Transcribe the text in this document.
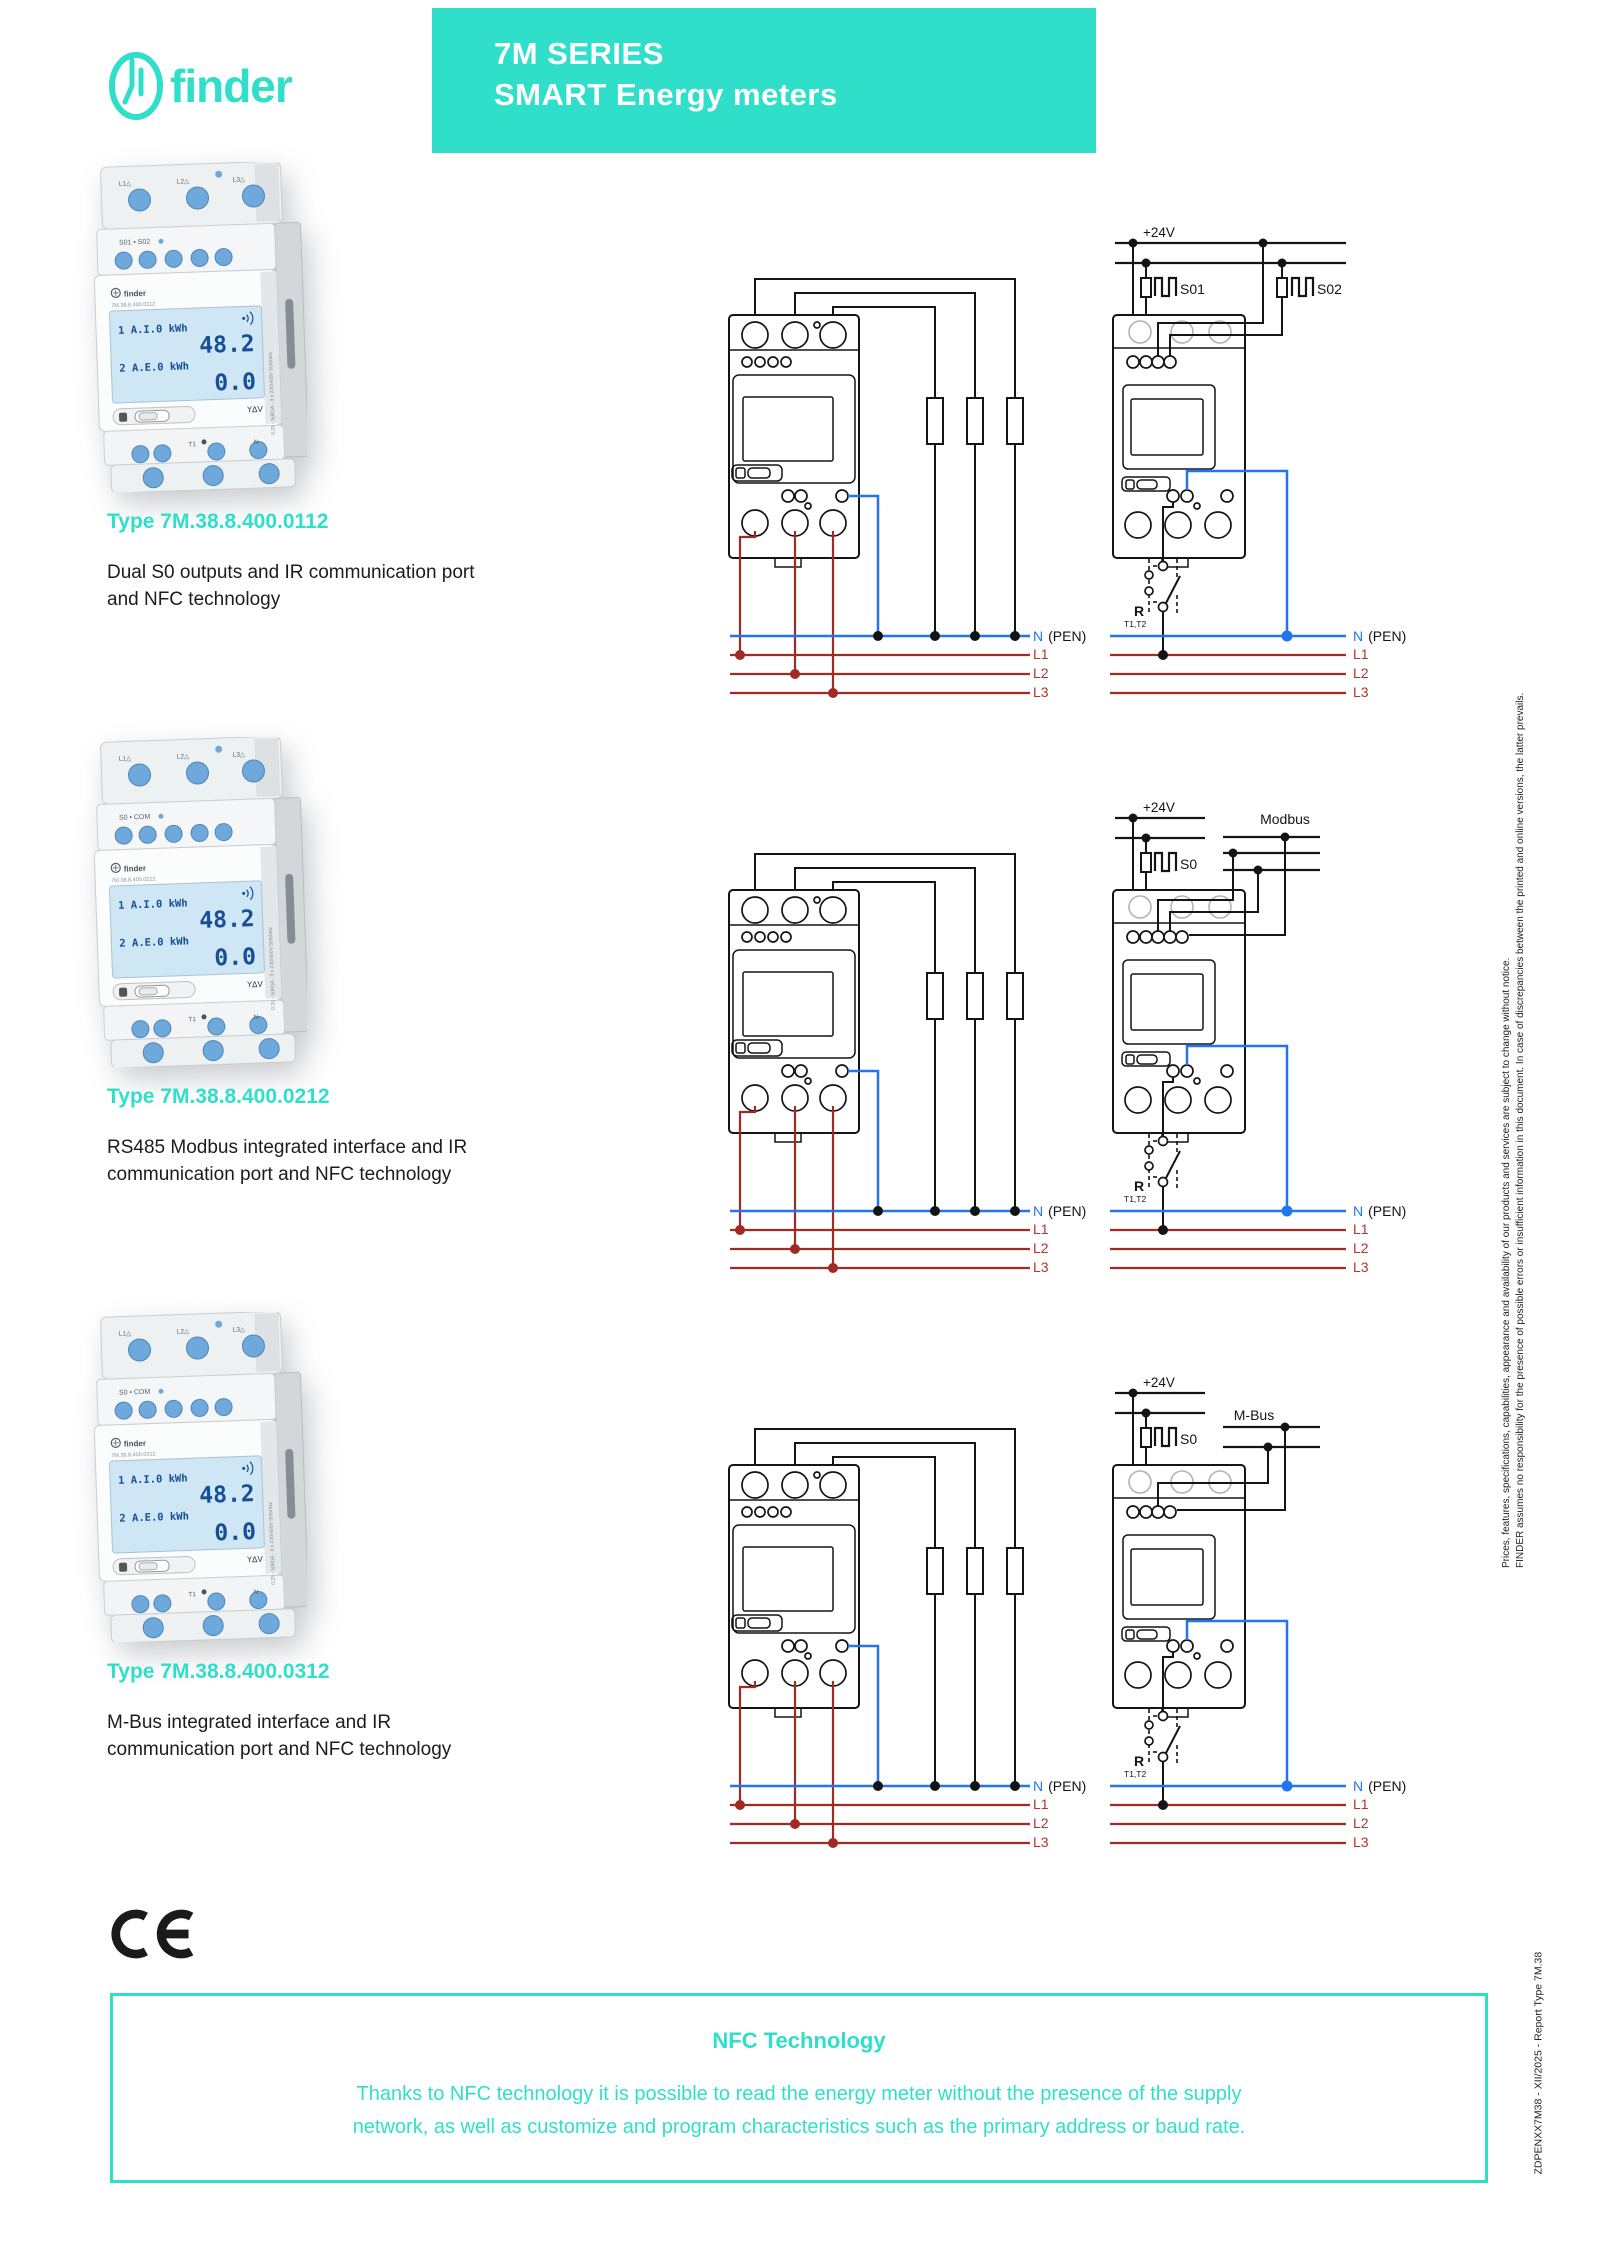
finder
7M SERIES
SMART Energy meters
L1△	L2△	L3△
S01 • S02
finder
7M.38.8.400.0112
1 A.I.0 kWh
48.2
2 A.E.0 kWh
0.0
Y∆V 0.25 - 5(80)A · 3 x 230/400V 50/60Hz
T1	N
Type 7M.38.8.400.0112
Dual S0 outputs and IR communication port and NFC technology
N (PEN)
L1
L2
L3
+24V
S01	S02
R
T1,T2
N (PEN)
L1
L2
L3
L1△	L2△	L3△
S0 • COM
finder
7M.38.8.400.0212
1 A.I.0 kWh
48.2
2 A.E.0 kWh
0.0
Y∆V 0.25 - 5(80)A · 3 x 230/400V 50/60Hz
T1	N
Type 7M.38.8.400.0212
RS485 Modbus integrated interface and IR communication port and NFC technology
N (PEN)
L1
L2
L3
+24V
S0
Modbus
R
T1,T2
N (PEN)
L1
L2
L3
L1△	L2△	L3△
S0 • COM
finder
7M.38.8.400.0312
1 A.I.0 kWh
48.2
2 A.E.0 kWh
0.0
Y∆V 0.25 - 5(80)A · 3 x 230/400V 50/60Hz
T1	N
Type 7M.38.8.400.0312
M-Bus integrated interface and IR communication port and NFC technology
N (PEN)
L1
L2
L3
+24V
S0
M-Bus
R
T1,T2
N (PEN)
L1
L2
L3
NFC Technology
Thanks to NFC technology it is possible to read the energy meter without the presence of the supply network, as well as customize and program characteristics such as the primary address or baud rate.
Prices, features, specifications, capabilities, appearance and availability of our products and services are subject to change without notice. FINDER assumes no responsibility for the presence of possible errors or insufficient information in this document. In case of discrepancies between the printed and online versions, the latter prevails.
ZDPENXX7M38 - XII/2025 - Report Type 7M.38
